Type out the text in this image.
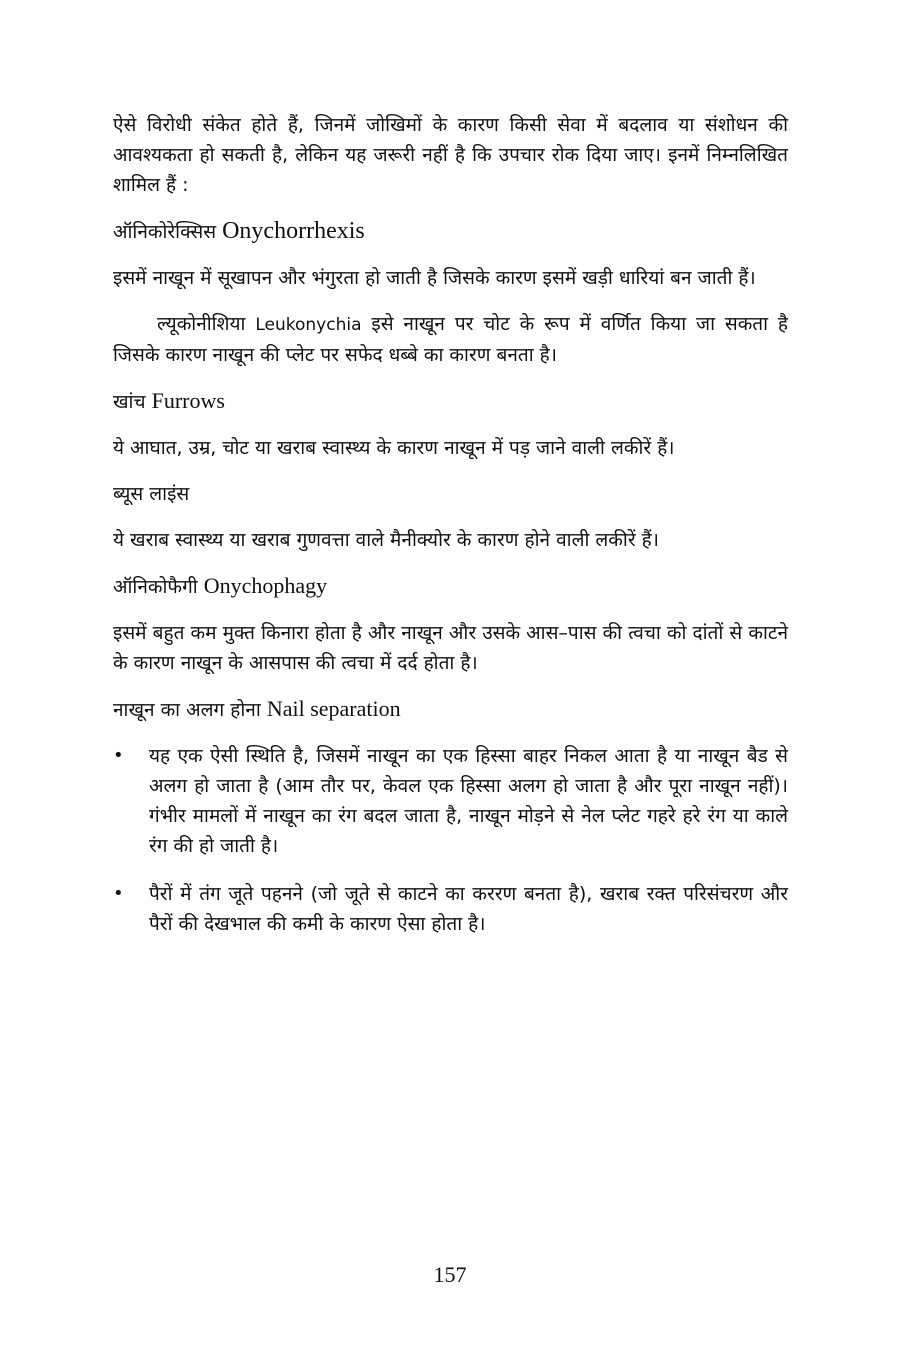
ऐसे विरोधी संकेत होते हैं, जिनमें जोखिमों के कारण किसी सेवा में बदलाव या संशोधन की आवश्यकता हो सकती है, लेकिन यह जरूरी नहीं है कि उपचार रोक दिया जाए। इनमें निम्नलिखित शामिल हैं :

ऑनिकोरेक्सिस Onychorrhexis

इसमें नाखून में सूखापन और भंगुरता हो जाती है जिसके कारण इसमें खड़ी धारियां बन जाती हैं।

ल्यूकोनीशिया Leukonychia इसे नाखून पर चोट के रूप में वर्णित किया जा सकता है जिसके कारण नाखून की प्लेट पर सफेद धब्बे का कारण बनता है।

खांच Furrows

ये आघात, उम्र, चोट या खराब स्वास्थ्य के कारण नाखून में पड़ जाने वाली लकीरें हैं।

ब्यूस लाइंस

ये खराब स्वास्थ्य या खराब गुणवत्ता वाले मैनीक्योर के कारण होने वाली लकीरें हैं।

ऑनिकोफैगी Onychophagy

इसमें बहुत कम मुक्त किनारा होता है और नाखून और उसके आस–पास की त्वचा को दांतों से काटने के कारण नाखून के आसपास की त्वचा में दर्द होता है।

नाखून का अलग होना Nail separation
• यह एक ऐसी स्थिति है, जिसमें नाखून का एक हिस्सा बाहर निकल आता है या नाखून बैड से अलग हो जाता है (आम तौर पर, केवल एक हिस्सा अलग हो जाता है और पूरा नाखून नहीं)। गंभीर मामलों में नाखून का रंग बदल जाता है, नाखून मोड़ने से नेल प्लेट गहरे हरे रंग या काले रंग की हो जाती है।
• पैरों में तंग जूते पहनने (जो जूते से काटने का कररण बनता है), खराब रक्त परिसंचरण और पैरों की देखभाल की कमी के कारण ऐसा होता है।
157
